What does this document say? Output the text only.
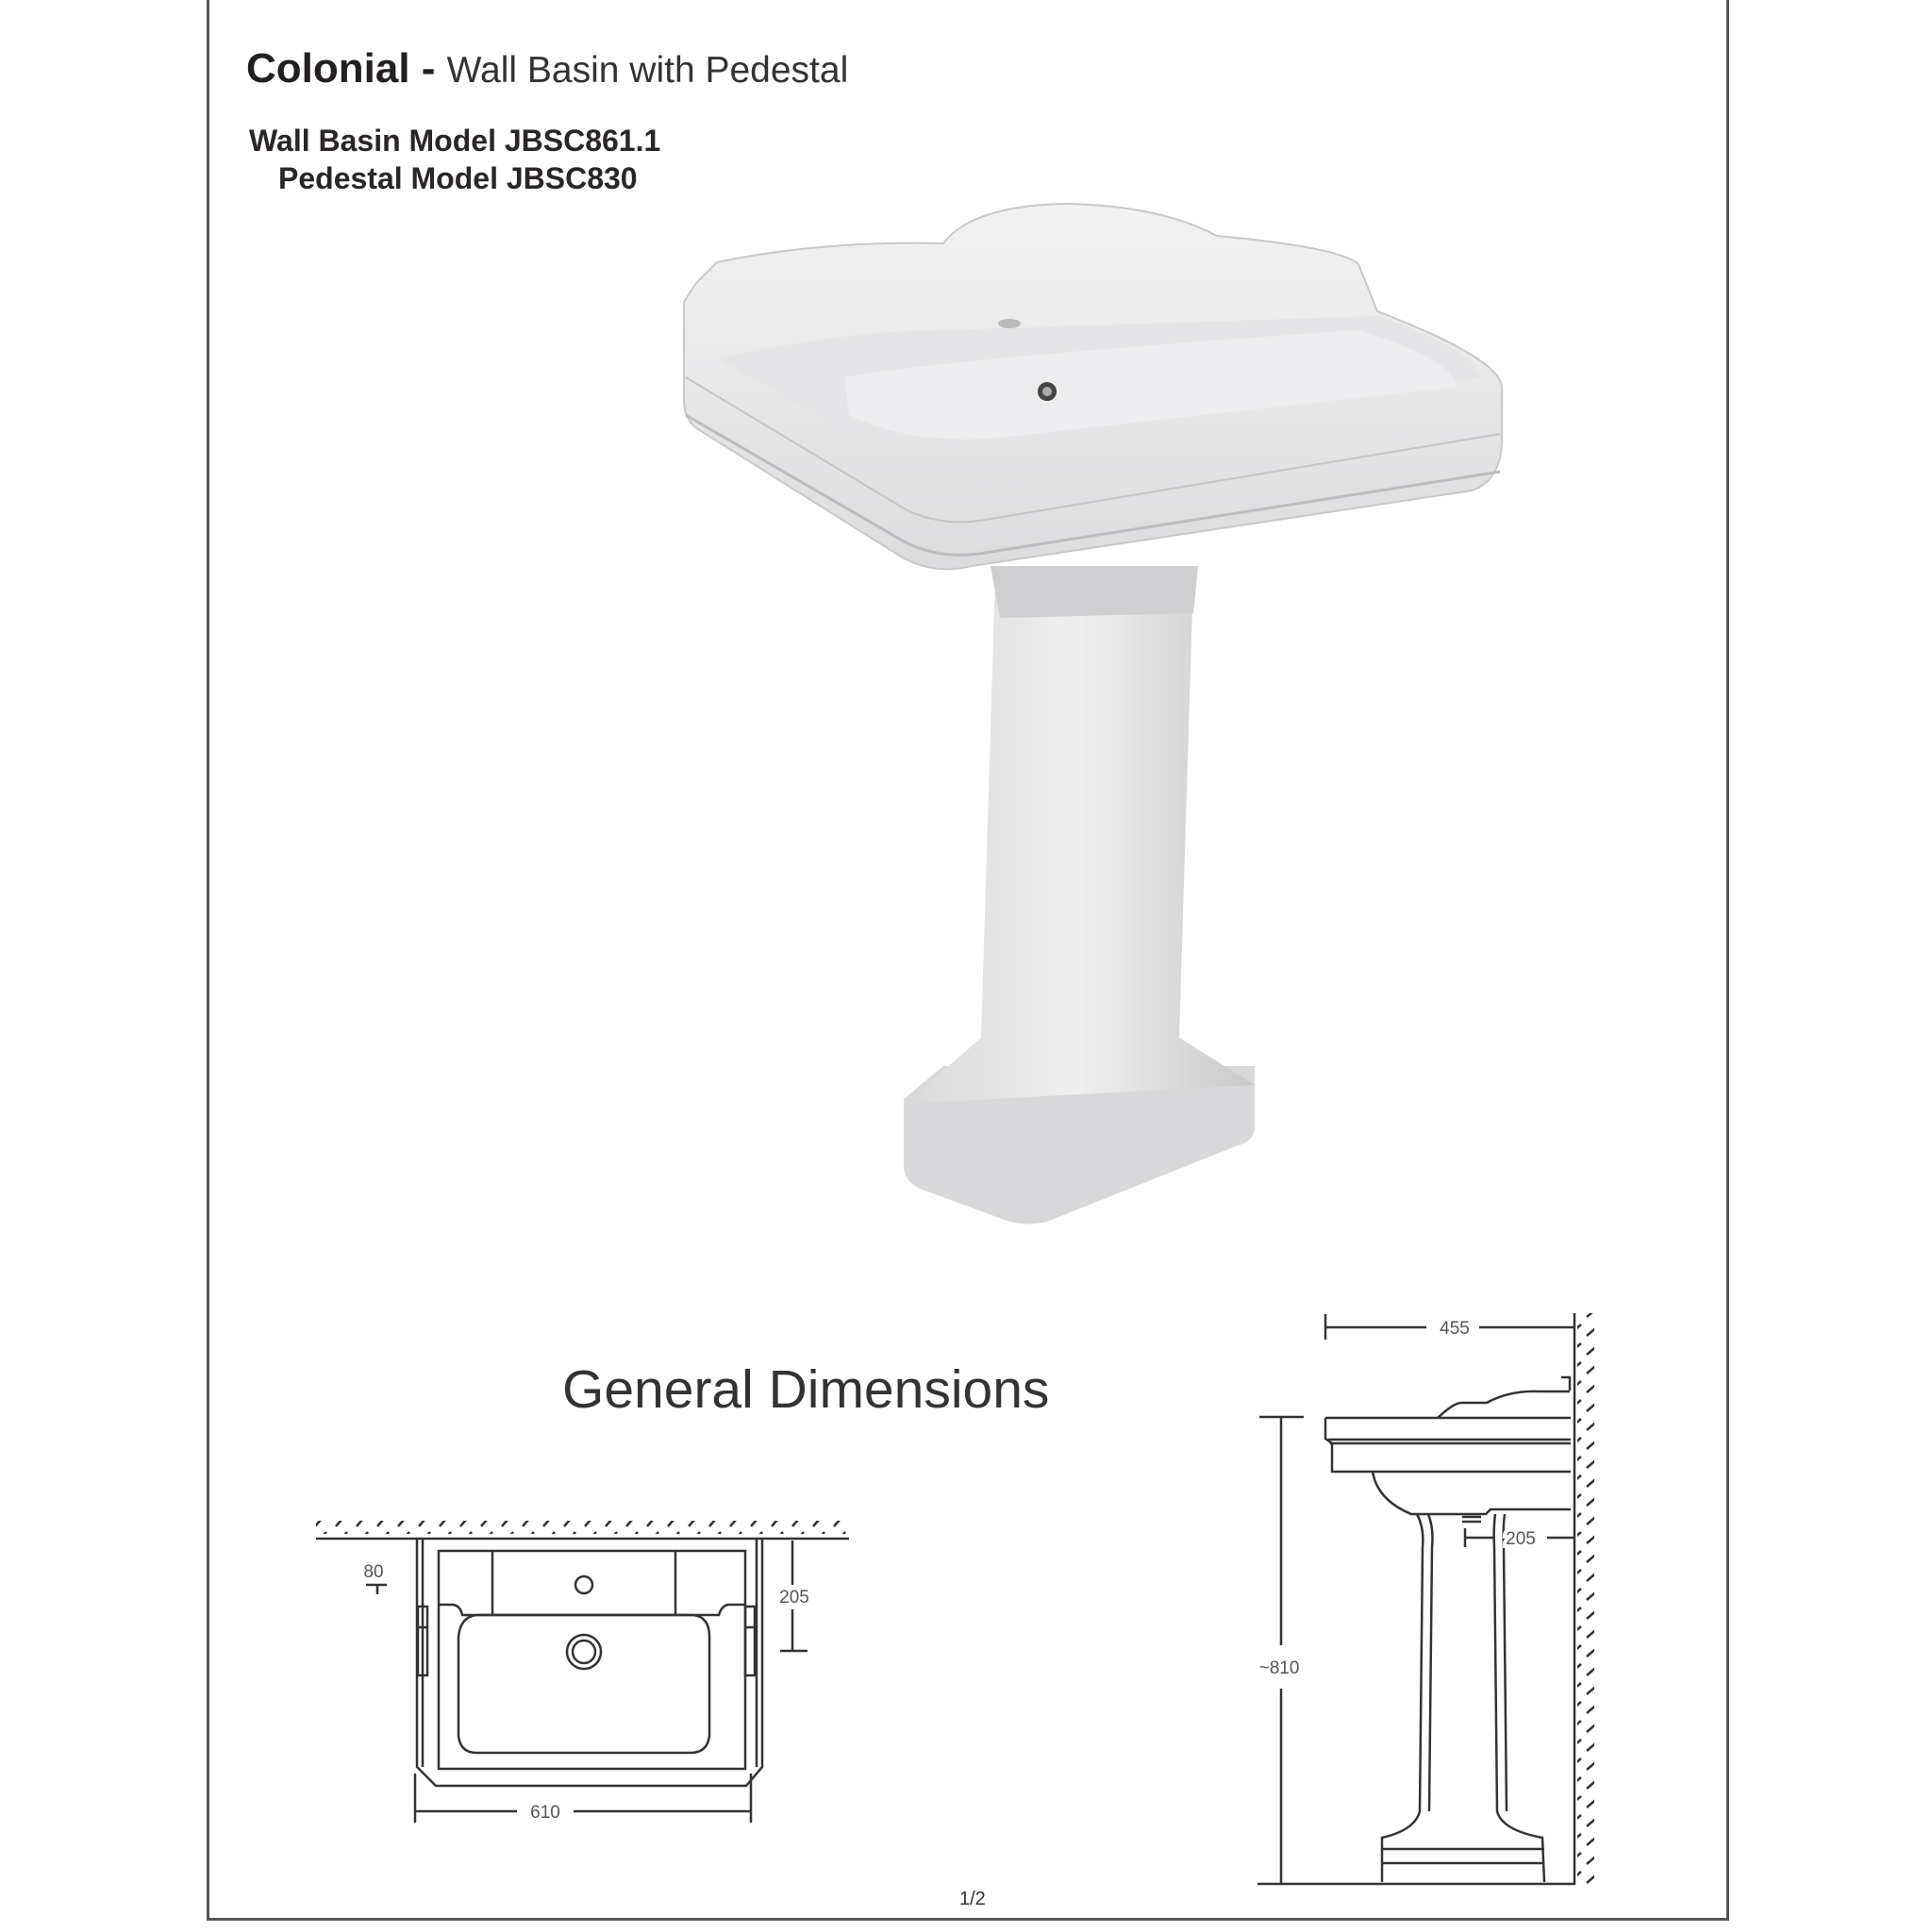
Colonial - Wall Basin with Pedestal
Wall Basin Model JBSC861.1
Pedestal Model JBSC830
80
205
610
455
205
~810
General Dimensions
1/2
